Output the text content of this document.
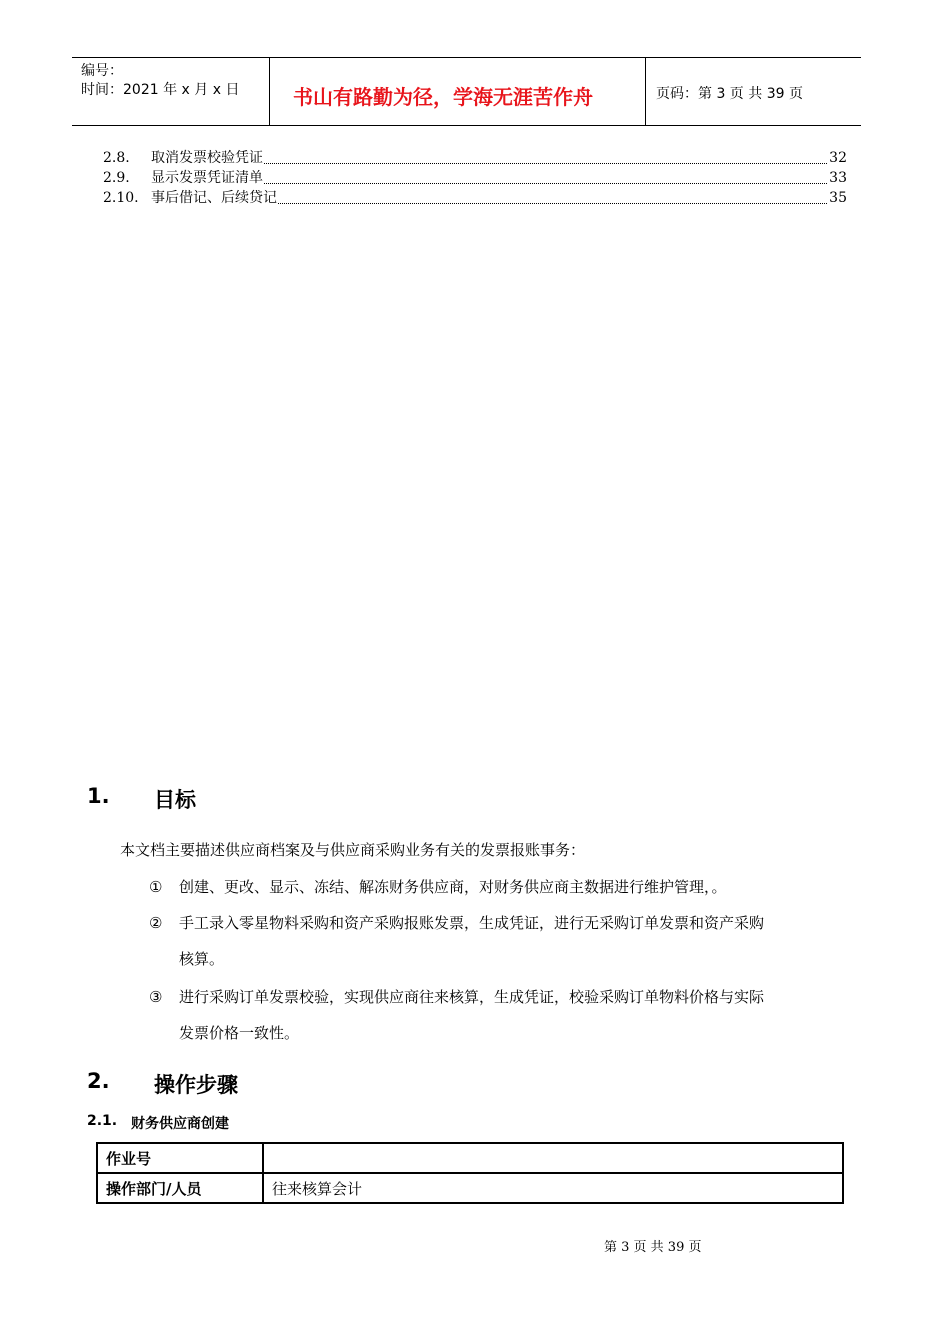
编号：
时间：2021 年 x 月 x 日	书山有路勤为径，学海无涯苦作舟	页码：第 3 页 共 39 页
2.8. 取消发票校验凭证	32
2.9. 显示发票凭证清单	33
2.10. 事后借记、后续贷记	35
1. 目标
本文档主要描述供应商档案及与供应商采购业务有关的发票报账事务：
① 创建、更改、显示、冻结、解冻财务供应商，对财务供应商主数据进行维护管理，。
② 手工录入零星物料采购和资产采购报账发票，生成凭证，进行无采购订单发票和资产采购
核算。
③ 进行采购订单发票校验，实现供应商往来核算，生成凭证，校验采购订单物料价格与实际
发票价格一致性。
2. 操作步骤
2.1. 财务供应商创建
作业号	
操作部门/人员	往来核算会计
第 3 页 共 39 页
